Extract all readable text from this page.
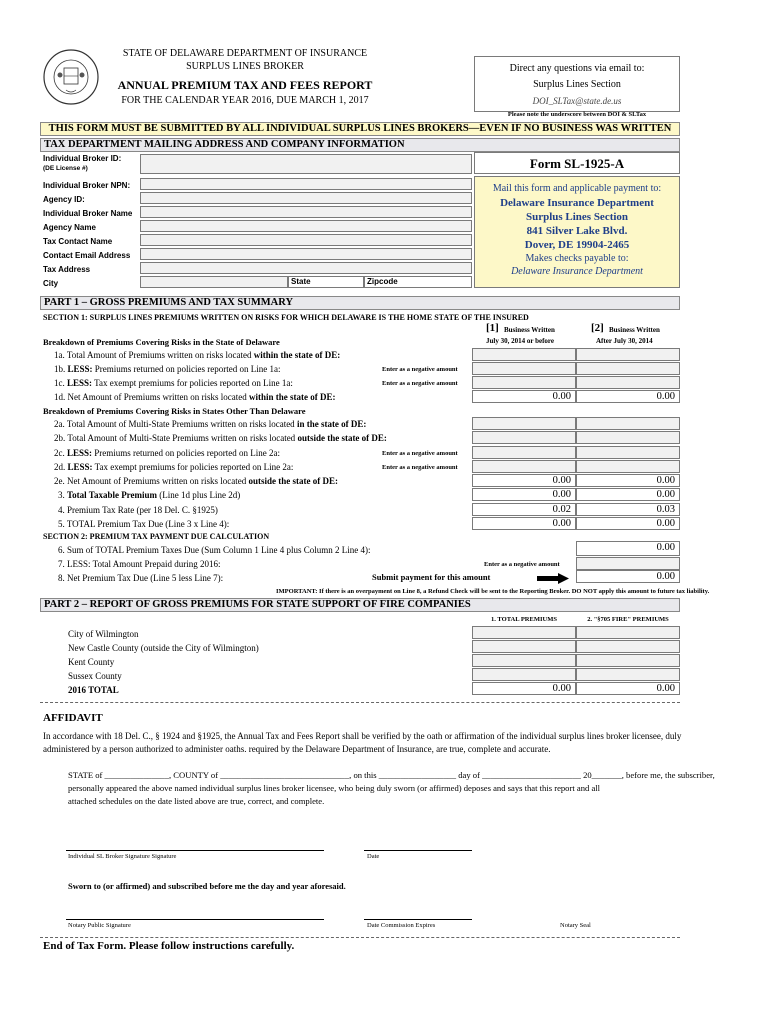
STATE OF DELAWARE DEPARTMENT OF INSURANCE
SURPLUS LINES BROKER
ANNUAL PREMIUM TAX AND FEES REPORT
FOR THE CALENDAR YEAR 2016, DUE MARCH 1, 2017
Direct any questions via email to:
Surplus Lines Section
DOI_SLTax@state.de.us
Please note the underscore between DOI & SLTax
THIS FORM MUST BE SUBMITTED BY ALL INDIVIDUAL SURPLUS LINES BROKERS—EVEN IF NO BUSINESS WAS WRITTEN
TAX DEPARTMENT MAILING ADDRESS AND COMPANY INFORMATION
Individual Broker ID:
(DE License #)
Individual Broker NPN:
Agency ID:
Individual Broker Name
Agency Name
Tax Contact Name
Contact Email Address
Tax Address
City	State	Zipcode
Form SL-1925-A
Mail this form and applicable payment to:
Delaware Insurance Department
Surplus Lines Section
841 Silver Lake Blvd.
Dover, DE 19904-2465
Makes checks payable to:
Delaware Insurance Department
PART 1 – GROSS PREMIUMS AND TAX SUMMARY
SECTION 1: SURPLUS LINES PREMIUMS WRITTEN ON RISKS FOR WHICH DELAWARE IS THE HOME STATE OF THE INSURED
[1] Business Written
July 30, 2014 or before
[2] Business Written
After July 30, 2014
Breakdown of Premiums Covering Risks in the State of Delaware
1a. Total Amount of Premiums written on risks located within the state of DE:
1b. LESS: Premiums returned on policies reported on Line 1a:	Enter as a negative amount
1c. LESS: Tax exempt premiums for policies reported on Line 1a:	Enter as a negative amount
1d. Net Amount of Premiums written on risks located within the state of DE:	0.00	0.00
Breakdown of Premiums Covering Risks in States Other Than Delaware
2a. Total Amount of Multi-State Premiums written on risks located in the state of DE:
2b. Total Amount of Multi-State Premiums written on risks located outside the state of DE:
2c. LESS: Premiums returned on policies reported on Line 2a:	Enter as a negative amount
2d. LESS: Tax exempt premiums for policies reported on Line 2a:	Enter as a negative amount
2e. Net Amount of Premiums written on risks located outside the state of DE:	0.00	0.00
3. Total Taxable Premium (Line 1d plus Line 2d)	0.00	0.00
4. Premium Tax Rate (per 18 Del. C. §1925)	0.02	0.03
5. TOTAL Premium Tax Due (Line 3 x Line 4):	0.00	0.00
SECTION 2: PREMIUM TAX PAYMENT DUE CALCULATION
6. Sum of TOTAL Premium Taxes Due (Sum Column 1 Line 4 plus Column 2 Line 4):	0.00
7. LESS: Total Amount Prepaid during 2016:	Enter as a negative amount
8. Net Premium Tax Due (Line 5 less Line 7):	Submit payment for this amount	0.00
IMPORTANT: If there is an overpayment on Line 8, a Refund Check will be sent to the Reporting Broker. DO NOT apply this amount to future tax liability.
PART 2 – REPORT OF GROSS PREMIUMS FOR STATE SUPPORT OF FIRE COMPANIES
1. TOTAL PREMIUMS	2. "§705 FIRE" PREMIUMS
City of Wilmington
New Castle County (outside the City of Wilmington)
Kent County
Sussex County
2016 TOTAL	0.00	0.00
AFFIDAVIT
In accordance with 18 Del. C., § 1924 and §1925, the Annual Tax and Fees Report shall be verified by the oath or affirmation of the individual surplus lines broker licensee, duly administered by a person authorized to administer oaths. required by the Delaware Department of Insurance, are true, complete and accurate.
STATE of _______________, COUNTY of ______________________________, on this __________________ day of _______________________ 20_______, before me, the subscriber,
personally appeared the above named individual surplus lines broker licensee, who being duly sworn (or affirmed) deposes and says that this report and all
attached schedules on the date listed above are true, correct, and complete.
Individual SL Broker Signature Signature	Date
Sworn to (or affirmed) and subscribed before me the day and year aforesaid.
Notary Public Signature	Date Commission Expires	Notary Seal
End of Tax Form. Please follow instructions carefully.
